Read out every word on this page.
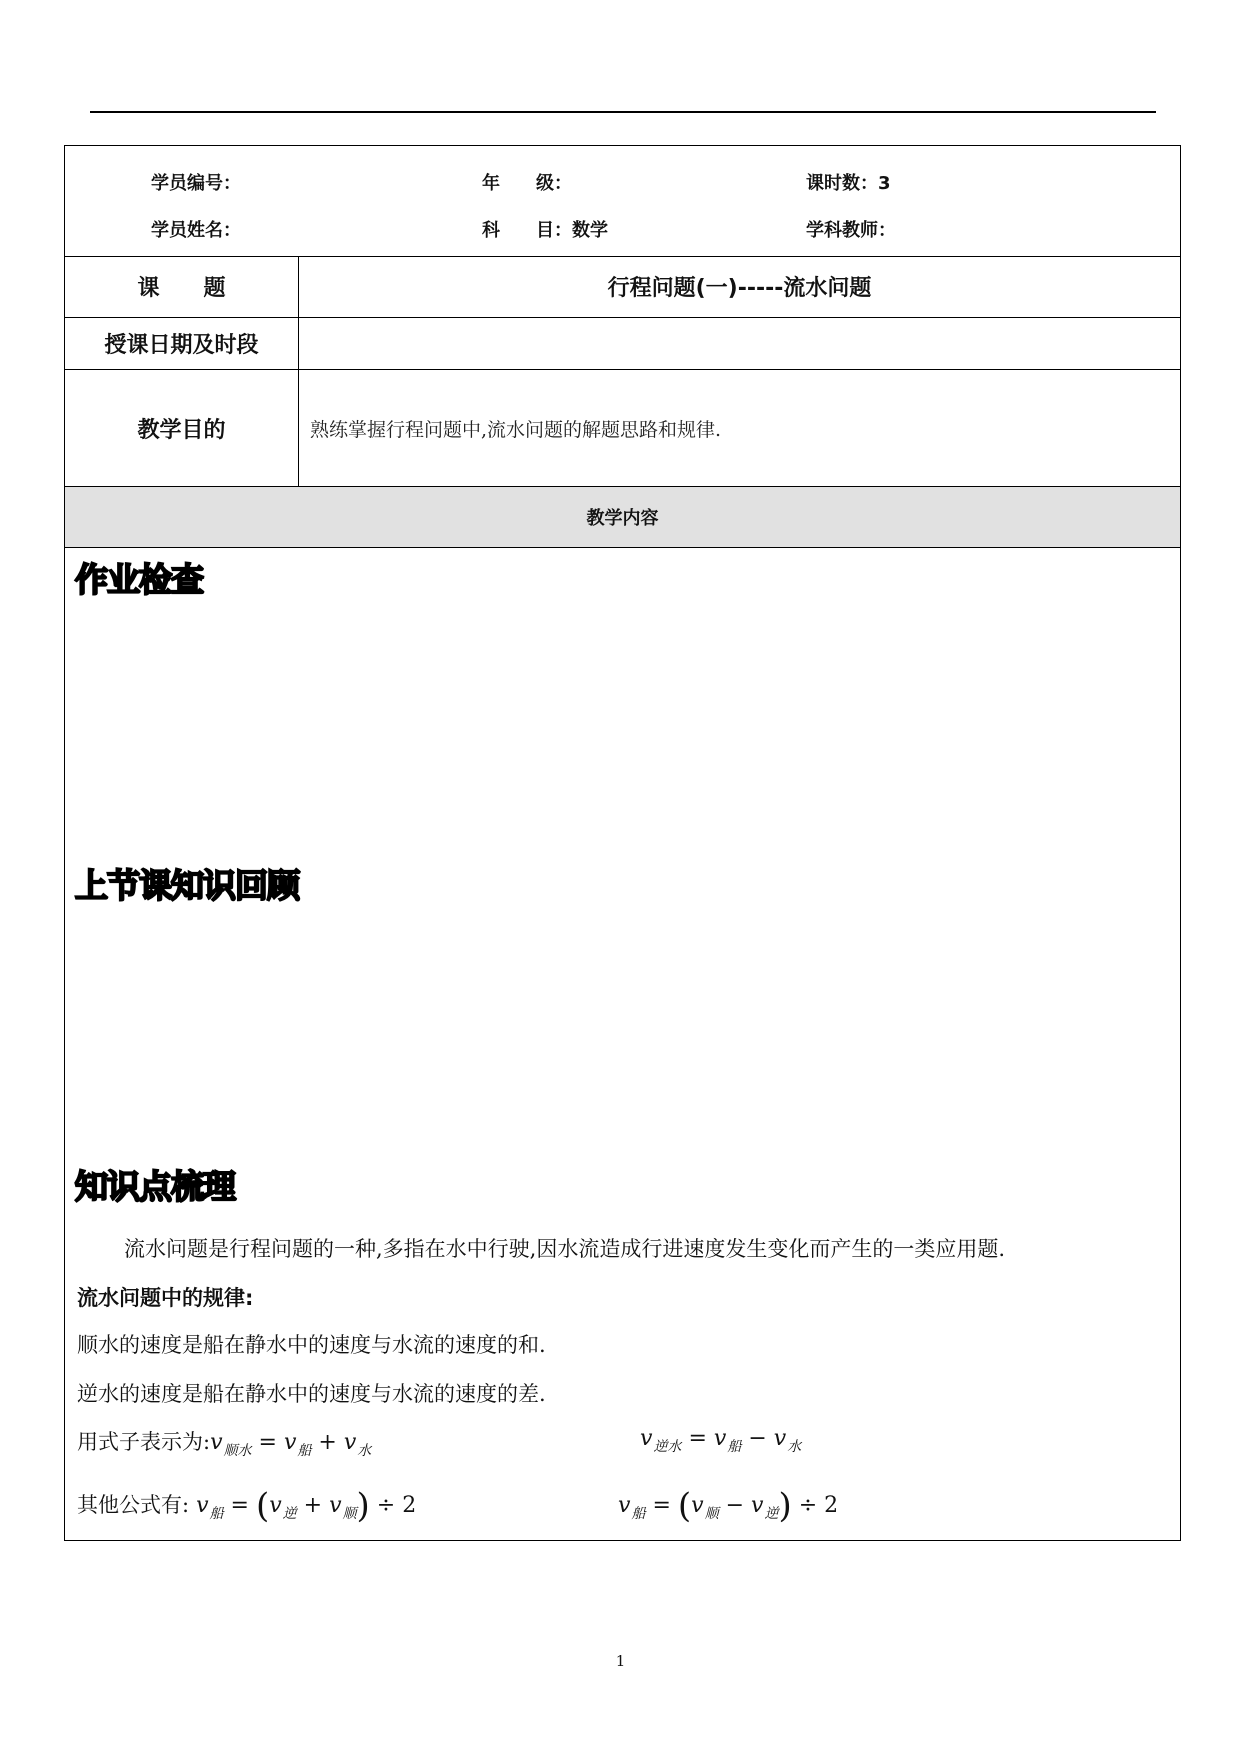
学员编号：	年　　级：	课时数：3
学员姓名：	科　　目：数学	学科教师：
课　　题	行程问题(一)-----流水问题
授课日期及时段
教学目的	熟练掌握行程问题中,流水问题的解题思路和规律.
教学内容
作业检查
上节课知识回顾
知识点梳理
流水问题是行程问题的一种,多指在水中行驶,因水流造成行进速度发生变化而产生的一类应用题.
流水问题中的规律:
顺水的速度是船在静水中的速度与水流的速度的和.
逆水的速度是船在静水中的速度与水流的速度的差.
用式子表示为$:v_{顺水} = v_船 + v_水$	$v_{逆水} = v_船 - v_水$
其他公式有: $v_船 = (v_逆 + v_顺) \div 2$	$v_船 = (v_顺 - v_逆) \div 2$
1
